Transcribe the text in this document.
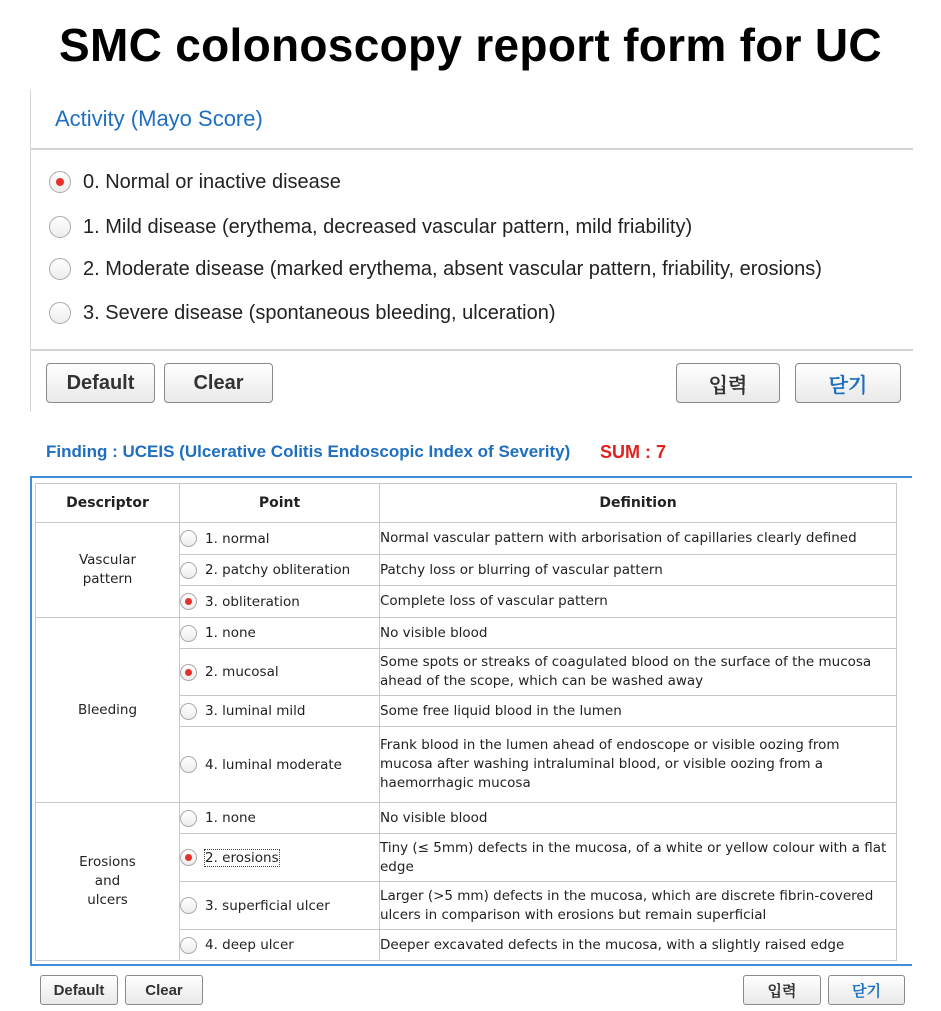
SMC colonoscopy report form for UC
Activity (Mayo Score)
0. Normal or inactive disease
1. Mild disease (erythema, decreased vascular pattern, mild friability)
2. Moderate disease (marked erythema, absent vascular pattern, friability, erosions)
3. Severe disease (spontaneous bleeding, ulceration)
Default	Clear	입력	닫기
Finding : UCEIS (Ulcerative Colitis Endoscopic Index of Severity) SUM : 7
Descriptor	Point	Definition

Vascular
pattern	1. normal	Normal vascular pattern with arborisation of capillaries clearly defined

	2. patchy obliteration	Patchy loss or blurring of vascular pattern

	3. obliteration	Complete loss of vascular pattern

Bleeding	1. none	No visible blood

	2. mucosal	Some spots or streaks of coagulated blood on the surface of the mucosa ahead of the scope, which can be washed away

	3. luminal mild	Some free liquid blood in the lumen

	4. luminal moderate	Frank blood in the lumen ahead of endoscope or visible oozing from mucosa after washing intraluminal blood, or visible oozing from a haemorrhagic mucosa

Erosions
and
ulcers	1. none	No visible blood

	2. erosions	Tiny (≤ 5mm) defects in the mucosa, of a white or yellow colour with a flat edge

	3. superficial ulcer	Larger (>5 mm) defects in the mucosa, which are discrete fibrin-covered ulcers in comparison with erosions but remain superficial

	4. deep ulcer	Deeper excavated defects in the mucosa, with a slightly raised edge
Default	Clear	입력	닫기
